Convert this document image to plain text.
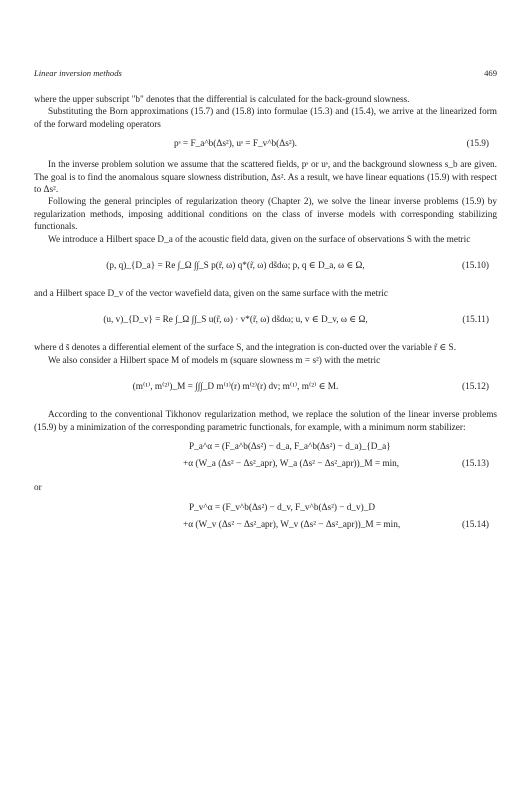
Linear inversion methods	469

where the upper subscript "b" denotes that the differential is calculated for the back-ground slowness.

Substituting the Born approximations (15.7) and (15.8) into formulae (15.3) and (15.4), we arrive at the linearized form of the forward modeling operators

pˢ = F_a^b(Δs²), uˢ = F_v^b(Δs²).	(15.9)

In the inverse problem solution we assume that the scattered fields, pˢ or uˢ, and the background slowness s_b are given. The goal is to find the anomalous square slowness distribution, Δs². As a result, we have linear equations (15.9) with respect to Δs².

Following the general principles of regularization theory (Chapter 2), we solve the linear inverse problems (15.9) by regularization methods, imposing additional conditions on the class of inverse models with corresponding stabilizing functionals.

We introduce a Hilbert space D_a of the acoustic field data, given on the surface of observations S with the metric

(p, q)_{D_a} = Re ∫_Ω ∫∫_S p(r̃, ω) q*(r̃, ω) ds̃dω; p, q ∈ D_a, ω ∈ Ω,	(15.10)

and a Hilbert space D_v of the vector wavefield data, given on the same surface with the metric

(u, v)_{D_v} = Re ∫_Ω ∫∫_S u(r̃, ω) · v*(r̃, ω) ds̃dω; u, v ∈ D_v, ω ∈ Ω,	(15.11)

where d s̄ denotes a differential element of the surface S, and the integration is con-ducted over the variable r̃ ∈ S.

We also consider a Hilbert space M of models m (square slowness m = s²) with the metric

(m⁽¹⁾, m⁽²⁾)_M = ∫∫∫_D m⁽¹⁾(r) m⁽²⁾(r) dv; m⁽¹⁾, m⁽²⁾ ∈ M.	(15.12)

According to the conventional Tikhonov regularization method, we replace the solution of the linear inverse problems (15.9) by a minimization of the corresponding parametric functionals, for example, with a minimum norm stabilizer:

P_a^α = (F_a^b(Δs²) − d_a, F_a^b(Δs²) − d_a)_{D_a}
+α (W_a (Δs² − Δs²_apr), W_a (Δs² − Δs²_apr))_M = min,	(15.13)

or

P_v^α = (F_v^b(Δs²) − d_v, F_v^b(Δs²) − d_v)_D
+α (W_v (Δs² − Δs²_apr), W_v (Δs² − Δs²_apr))_M = min,	(15.14)
